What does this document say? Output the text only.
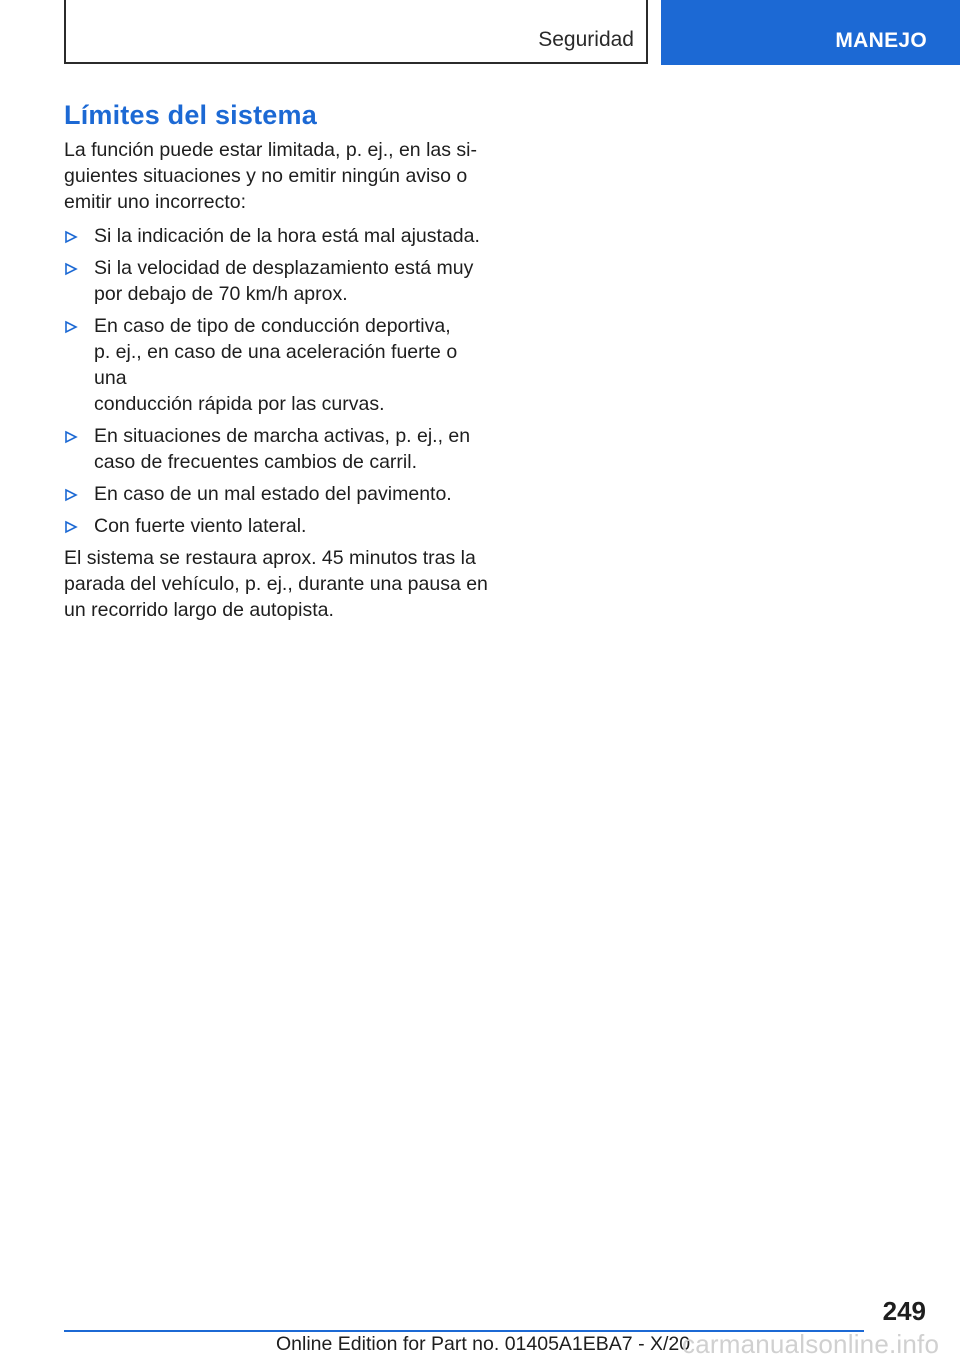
Seguridad	MANEJO
Límites del sistema

La función puede estar limitada, p. ej., en las si-
guientes situaciones y no emitir ningún aviso o
emitir uno incorrecto:

Si la indicación de la hora está mal ajustada.
Si la velocidad de desplazamiento está muy
por debajo de 70 km/h aprox.
En caso de tipo de conducción deportiva,
p. ej., en caso de una aceleración fuerte o una
conducción rápida por las curvas.
En situaciones de marcha activas, p. ej., en
caso de frecuentes cambios de carril.
En caso de un mal estado del pavimento.
Con fuerte viento lateral.

El sistema se restaura aprox. 45 minutos tras la
parada del vehículo, p. ej., durante una pausa en
un recorrido largo de autopista.

249
Online Edition for Part no. 01405A1EBA7 - X/20
carmanualsonline.info
